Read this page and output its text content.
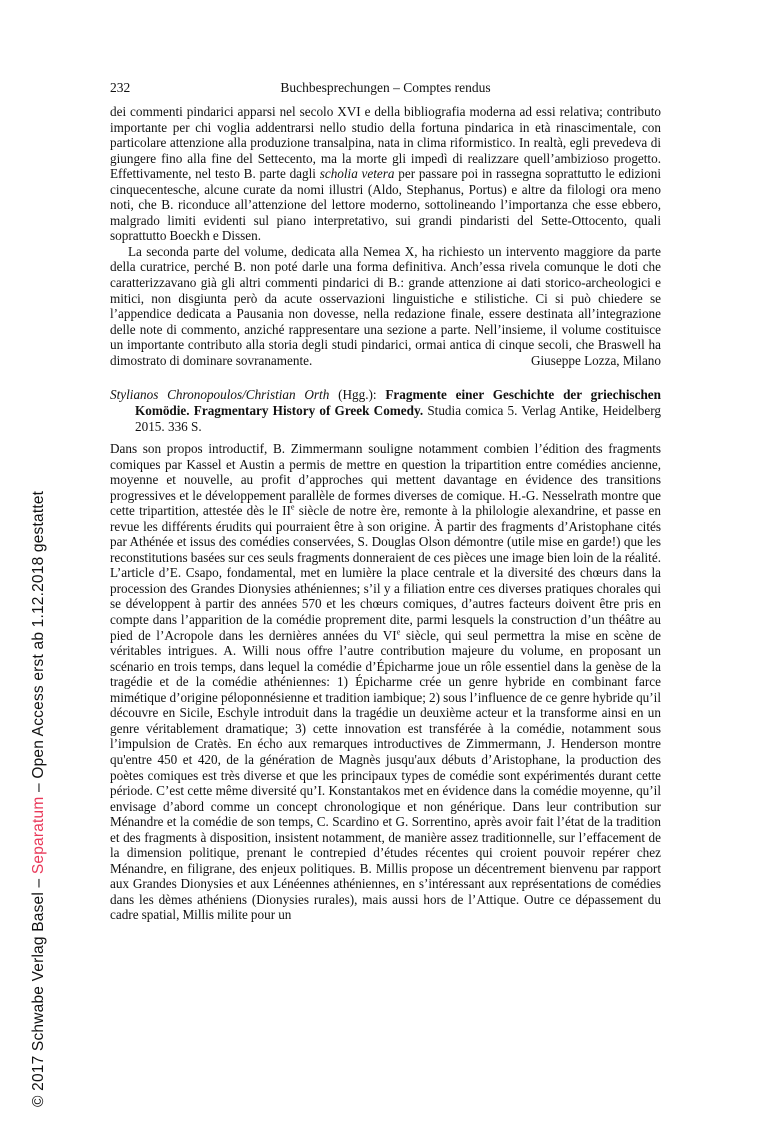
© 2017 Schwabe Verlag Basel – Separatum – Open Access erst ab 1.12.2018 gestattet
232	Buchbesprechungen – Comptes rendus

dei commenti pindarici apparsi nel secolo XVI e della bibliografia moderna ad essi relativa; contributo importante per chi voglia addentrarsi nello studio della fortuna pindarica in età rinascimentale, con particolare attenzione alla produzione transalpina, nata in clima riformistico. In realtà, egli prevedeva di giungere fino alla fine del Settecento, ma la morte gli impedì di realizzare quell’ambizioso progetto. Effettivamente, nel testo B. parte dagli scholia vetera per passare poi in rassegna soprattutto le edizioni cinquecentesche, alcune curate da nomi illustri (Aldo, Stephanus, Portus) e altre da filologi ora meno noti, che B. riconduce all’attenzione del lettore moderno, sottolineando l’importanza che esse ebbero, malgrado limiti evidenti sul piano interpretativo, sui grandi pindaristi del Sette-Ottocento, quali soprattutto Boeckh e Dissen.

La seconda parte del volume, dedicata alla Nemea X, ha richiesto un intervento maggiore da parte della curatrice, perché B. non poté darle una forma definitiva. Anch’essa rivela comunque le doti che caratterizzavano già gli altri commenti pindarici di B.: grande attenzione ai dati storico-archeologici e mitici, non disgiunta però da acute osservazioni linguistiche e stilistiche. Ci si può chiedere se l’appendice dedicata a Pausania non dovesse, nella redazione finale, essere destinata all’integrazione delle note di commento, anziché rappresentare una sezione a parte. Nell’insieme, il volume costituisce un importante contributo alla storia degli studi pindarici, ormai antica di cinque secoli, che Braswell ha dimostrato di dominare sovranamente.	Giuseppe Lozza, Milano

Stylianos Chronopoulos/Christian Orth (Hgg.): Fragmente einer Geschichte der griechischen Komödie. Fragmentary History of Greek Comedy. Studia comica 5. Verlag Antike, Heidelberg 2015. 336 S.

Dans son propos introductif, B. Zimmermann souligne notamment combien l’édition des fragments comiques par Kassel et Austin a permis de mettre en question la tripartition entre comédies ancienne, moyenne et nouvelle, au profit d’approches qui mettent davantage en évidence des transitions progressives et le développement parallèle de formes diverses de comique. H.-G. Nesselrath montre que cette tripartition, attestée dès le IIe siècle de notre ère, remonte à la philologie alexandrine, et passe en revue les différents érudits qui pourraient être à son origine. À partir des fragments d’Aristophane cités par Athénée et issus des comédies conservées, S. Douglas Olson démontre (utile mise en garde!) que les reconstitutions basées sur ces seuls fragments donneraient de ces pièces une image bien loin de la réalité. L’article d’E. Csapo, fondamental, met en lumière la place centrale et la diversité des chœurs dans la procession des Grandes Dionysies athéniennes; s’il y a filiation entre ces diverses pratiques chorales qui se développent à partir des années 570 et les chœurs comiques, d’autres facteurs doivent être pris en compte dans l’apparition de la comédie proprement dite, parmi lesquels la construction d’un théâtre au pied de l’Acropole dans les dernières années du VIe siècle, qui seul permettra la mise en scène de véritables intrigues. A. Willi nous offre l’autre contribution majeure du volume, en proposant un scénario en trois temps, dans lequel la comédie d’Épicharme joue un rôle essentiel dans la genèse de la tragédie et de la comédie athéniennes: 1) Épicharme crée un genre hybride en combinant farce mimétique d’origine péloponnésienne et tradition iambique; 2) sous l’influence de ce genre hybride qu’il découvre en Sicile, Eschyle introduit dans la tragédie un deuxième acteur et la transforme ainsi en un genre véritablement dramatique; 3) cette innovation est transférée à la comédie, notamment sous l’impulsion de Cratès. En écho aux remarques introductives de Zimmermann, J. Henderson montre qu'entre 450 et 420, de la génération de Magnès jusqu'aux débuts d’Aristophane, la production des poètes comiques est très diverse et que les principaux types de comédie sont expérimentés durant cette période. C’est cette même diversité qu’I. Konstantakos met en évidence dans la comédie moyenne, qu’il envisage d’abord comme un concept chronologique et non générique. Dans leur contribution sur Ménandre et la comédie de son temps, C. Scardino et G. Sorrentino, après avoir fait l’état de la tradition et des fragments à disposition, insistent notamment, de manière assez traditionnelle, sur l’effacement de la dimension politique, prenant le contrepied d’études récentes qui croient pouvoir repérer chez Ménandre, en filigrane, des enjeux politiques. B. Millis propose un décentrement bienvenu par rapport aux Grandes Dionysies et aux Lénéennes athéniennes, en s’intéressant aux représentations de comédies dans les dèmes athéniens (Dionysies rurales), mais aussi hors de l’Attique. Outre ce dépassement du cadre spatial, Millis milite pour un
